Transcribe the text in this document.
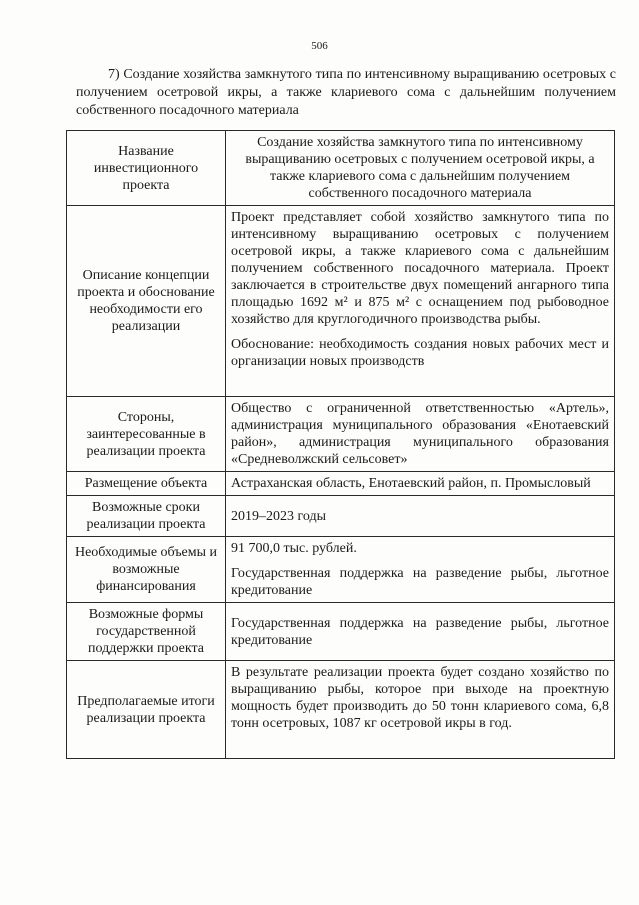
506
7) Создание хозяйства замкнутого типа по интенсивному выращиванию осетровых с получением осетровой икры, а также клариевого сома с дальнейшим получением собственного посадочного материала
Название инвестиционного проекта	Создание хозяйства замкнутого типа по интенсивному выращиванию осетровых с получением осетровой икры, а также клариевого сома с дальнейшим получением собственного посадочного материала

Описание концепции проекта и обоснование необходимости его реализации	Проект представляет собой хозяйство замкнутого типа по интенсивному выращиванию осетровых с получением осетровой икры, а также клариевого сома с дальнейшим получением собственного посадочного материала. Проект заключается в строительстве двух помещений ангарного типа площадью 1692 м² и 875 м² с оснащением под рыбоводное хозяйство для круглогодичного производства рыбы.

Обоснование: необходимость создания новых рабочих мест и организации новых производств

Стороны, заинтересованные в реализации проекта	Общество с ограниченной ответственностью «Артель», администрация муниципального образования «Енотаевский район», администрация муниципального образования «Средневолжский сельсовет»

Размещение объекта	Астраханская область, Енотаевский район, п. Промысловый

Возможные сроки реализации проекта	2019–2023 годы

Необходимые объемы и возможные финансирования	91 700,0 тыс. рублей.

Государственная поддержка на разведение рыбы, льготное кредитование

Возможные формы государственной поддержки проекта	Государственная поддержка на разведение рыбы, льготное кредитование

Предполагаемые итоги реализации проекта	В результате реализации проекта будет создано хозяйство по выращиванию рыбы, которое при выходе на проектную мощность будет производить до 50 тонн клариевого сома, 6,8 тонн осетровых, 1087 кг осетровой икры в год.
